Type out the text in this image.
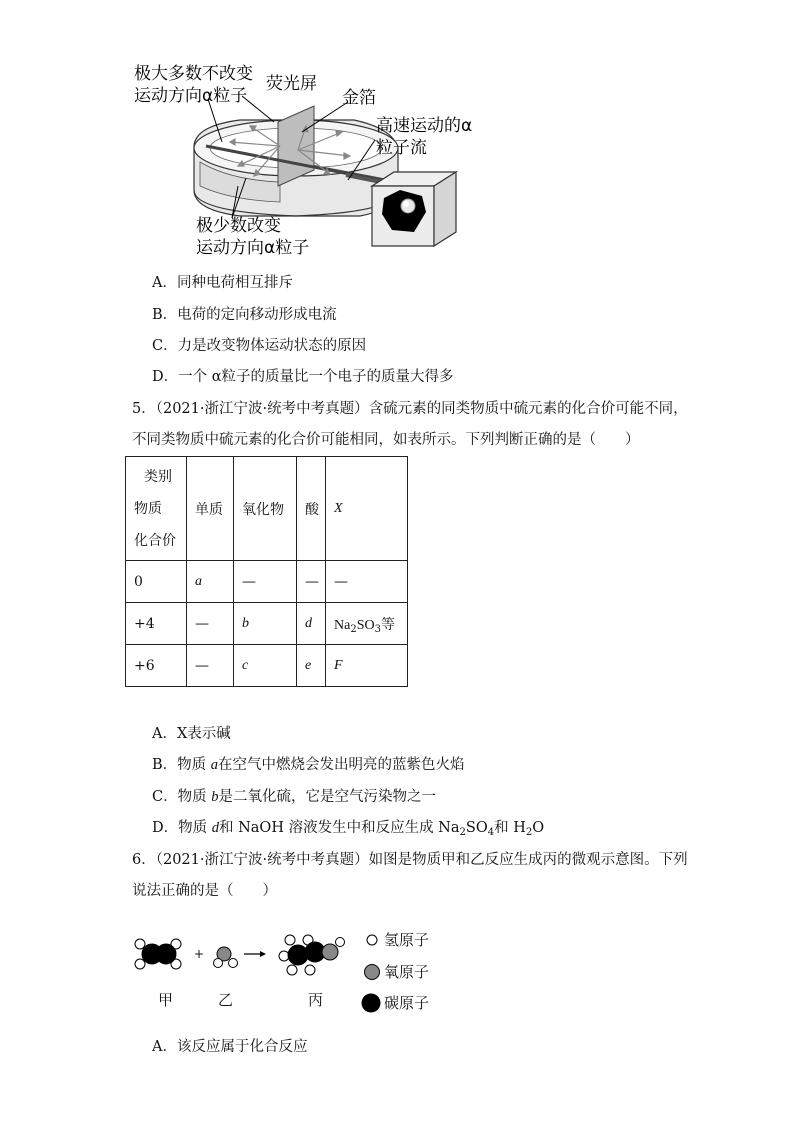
极大多数不改变
运动方向α粒子
荧光屏
金箔
高速运动的α
粒子流
极少数改变
运动方向α粒子
A．同种电荷相互排斥
B．电荷的定向移动形成电流
C．力是改变物体运动状态的原因
D．一个 α粒子的质量比一个电子的质量大得多
5．（2021·浙江宁波·统考中考真题）含硫元素的同类物质中硫元素的化合价可能不同，
不同类物质中硫元素的化合价可能相同，如表所示。下列判断正确的是（　　）
类别
物质
化合价	单质	氧化物	酸	X
0	a	—	—	—
+4	—	b	d	$Na_2SO_3$等
+6	—	c	e	F
A．X表示碱
B．物质 a在空气中燃烧会发出明亮的蓝紫色火焰
C．物质 b是二氧化硫，它是空气污染物之一
D．物质 d和 NaOH 溶液发生中和反应生成 $Na_2SO_4$和 $H_2O$
6．（2021·浙江宁波·统考中考真题）如图是物质甲和乙反应生成丙的微观示意图。下列
说法正确的是（　　）
+
甲	乙	丙
氢原子
氧原子
碳原子
A．该反应属于化合反应
